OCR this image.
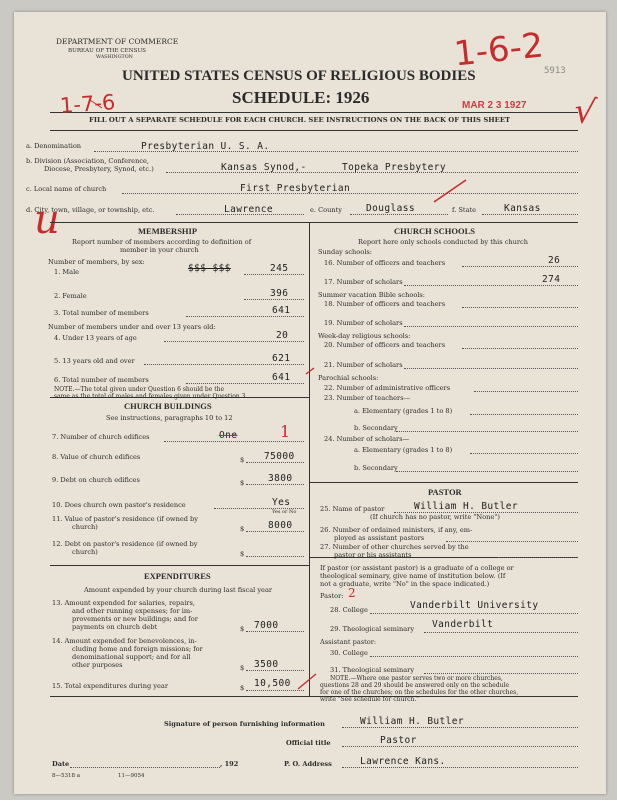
DEPARTMENT OF COMMERCE
BUREAU OF THE CENSUS
WASHINGTON
UNITED STATES CENSUS OF RELIGIOUS BODIES
SCHEDULE: 1926
FILL OUT A SEPARATE SCHEDULE FOR EACH CHURCH. SEE INSTRUCTIONS ON THE BACK OF THIS SHEET
5913
MAR 2 3 1927
1-7-6
1-6-2
u
√
a. Denomination	Presbyterian U. S. A.
b. Division (Association, Conference,
Diocese, Presbytery, Synod, etc.)	Kansas Synod,-	Topeka Presbytery
c. Local name of church	First Presbyterian
d. City, town, village, or township, etc.	Lawrence	e. County	Douglass	f. State	Kansas
MEMBERSHIP
Report number of members according to definition of
member in your church
Number of members, by sex:
1. Male	$$$ $$$	245
2. Female	396
3. Total number of members	641
Number of members under and over 13 years old:
4. Under 13 years of age	20
5. 13 years old and over	621
6. Total number of members	641
NOTE.—The total given under Question 6 should be the
same as the total of males and females given under Question 3.
CHURCH BUILDINGS
See instructions, paragraphs 10 to 12
7. Number of church edifices	One	1
8. Value of church edifices	$ 75000
9. Debt on church edifices	$	3800
10. Does church own pastor's residence	Yes
Yes or No
11. Value of pastor's residence (if owned by
church)	$	8000
12. Debt on pastor's residence (if owned by
church)	$
EXPENDITURES
Amount expended by your church during last fiscal year
13. Amount expended for salaries, repairs,
and other running expenses; for im-
provements or new buildings; and for
payments on church debt	$ 7000
14. Amount expended for benevolences, in-
cluding home and foreign missions; for
denominational support; and for all
other purposes	$ 3500
15. Total expenditures during year	$ 10,500
CHURCH SCHOOLS
Report here only schools conducted by this church
Sunday schools:
16. Number of officers and teachers	26
17. Number of scholars	274
Summer vacation Bible schools:
18. Number of officers and teachers
19. Number of scholars
Week-day religious schools:
20. Number of officers and teachers
21. Number of scholars
Parochial schools:
22. Number of administrative officers
23. Number of teachers—
a. Elementary (grades 1 to 8)
b. Secondary
24. Number of scholars—
a. Elementary (grades 1 to 8)
b. Secondary
PASTOR
25. Name of pastor	William H. Butler
(If church has no pastor, write "None")
26. Number of ordained ministers, if any, em-
ployed as assistant pastors
27. Number of other churches served by the
pastor or his assistants
If pastor (or assistant pastor) is a graduate of a college or
theological seminary, give name of institution below. (If
not a graduate, write "No" in the space indicated.)
Pastor: 2
28. College	Vanderbilt University
29. Theological seminary Vanderbilt
Assistant pastor:
30. College
31. Theological seminary
NOTE.—Where one pastor serves two or more churches,
questions 28 and 29 should be answered only on the schedule
for one of the churches; on the schedules for the other churches,
write "See schedule for church."
Signature of person furnishing information	William H. Butler
Official title	Pastor
Date	, 192	P. O. Address	Lawrence Kans.
8—5318 a	11—9054
